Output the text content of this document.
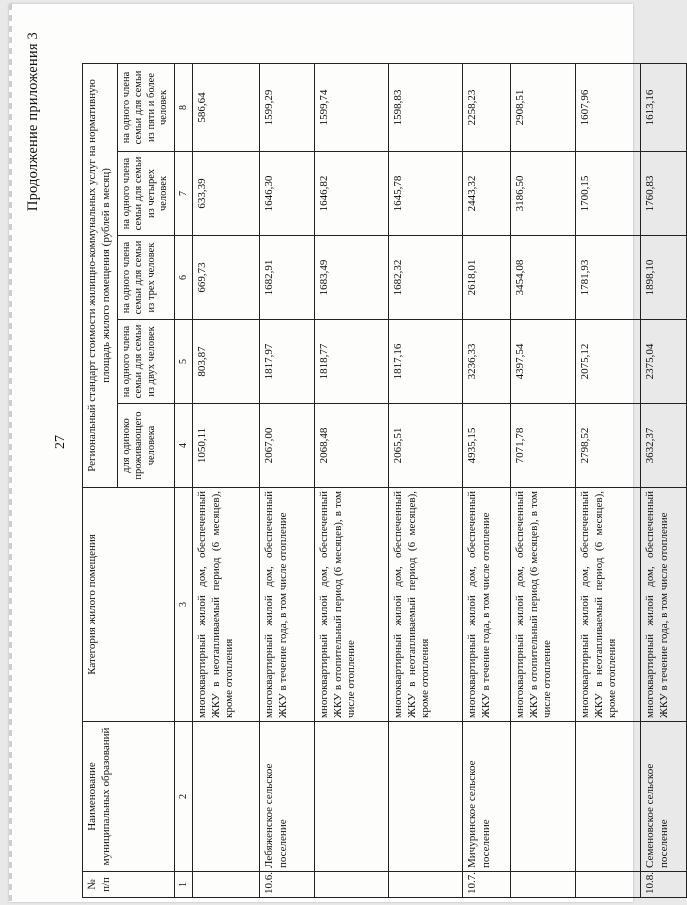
Продолжение приложения 3
27
№ п/п	Наименование муниципальных образований	Категория жилого помещения	Региональный стандарт стоимости жилищно-коммунальных услуг на нормативную площадь жилого помещения (рублей в месяц)				
			для одиноко проживающего человека	на одного члена семьи для семьи из двух человек	на одного члена семьи для семьи из трех человек	на одного члена семьи для семьи из четырех человек	на одного члена семьи для семьи из пяти и более человек
1	2	3	4	5	6	7	8
		многоквартирный жилой дом, обеспеченный ЖКУ в неотапливаемый период (6 месяцев), кроме отопления	1050,11	803,87	669,73	633,39	586,64
10.6.	Лебяженское сельское поселение	многоквартирный жилой дом, обеспеченный ЖКУ в течение года, в том числе отопление	2067,00	1817,97	1682,91	1646,30	1599,29
		многоквартирный жилой дом, обеспеченный ЖКУ в отопительный период (6 месяцев), в том числе отопление	2068,48	1818,77	1683,49	1646,82	1599,74
		многоквартирный жилой дом, обеспеченный ЖКУ в неотапливаемый период (6 месяцев), кроме отопления	2065,51	1817,16	1682,32	1645,78	1598,83
10.7.	Мичуринское сельское поселение	многоквартирный жилой дом, обеспеченный ЖКУ в течение года, в том числе отопление	4935,15	3236,33	2618,01	2443,32	2258,23
		многоквартирный жилой дом, обеспеченный ЖКУ в отопительный период (6 месяцев), в том числе отопление	7071,78	4397,54	3454,08	3186,50	2908,51
		многоквартирный жилой дом, обеспеченный ЖКУ в неотапливаемый период (6 месяцев), кроме отопления	2798,52	2075,12	1781,93	1700,15	1607,96
10.8.	Семеновское сельское поселение	многоквартирный жилой дом, обеспеченный ЖКУ в течение года, в том числе отопление	3632,37	2375,04	1898,10	1760,83	1613,16
